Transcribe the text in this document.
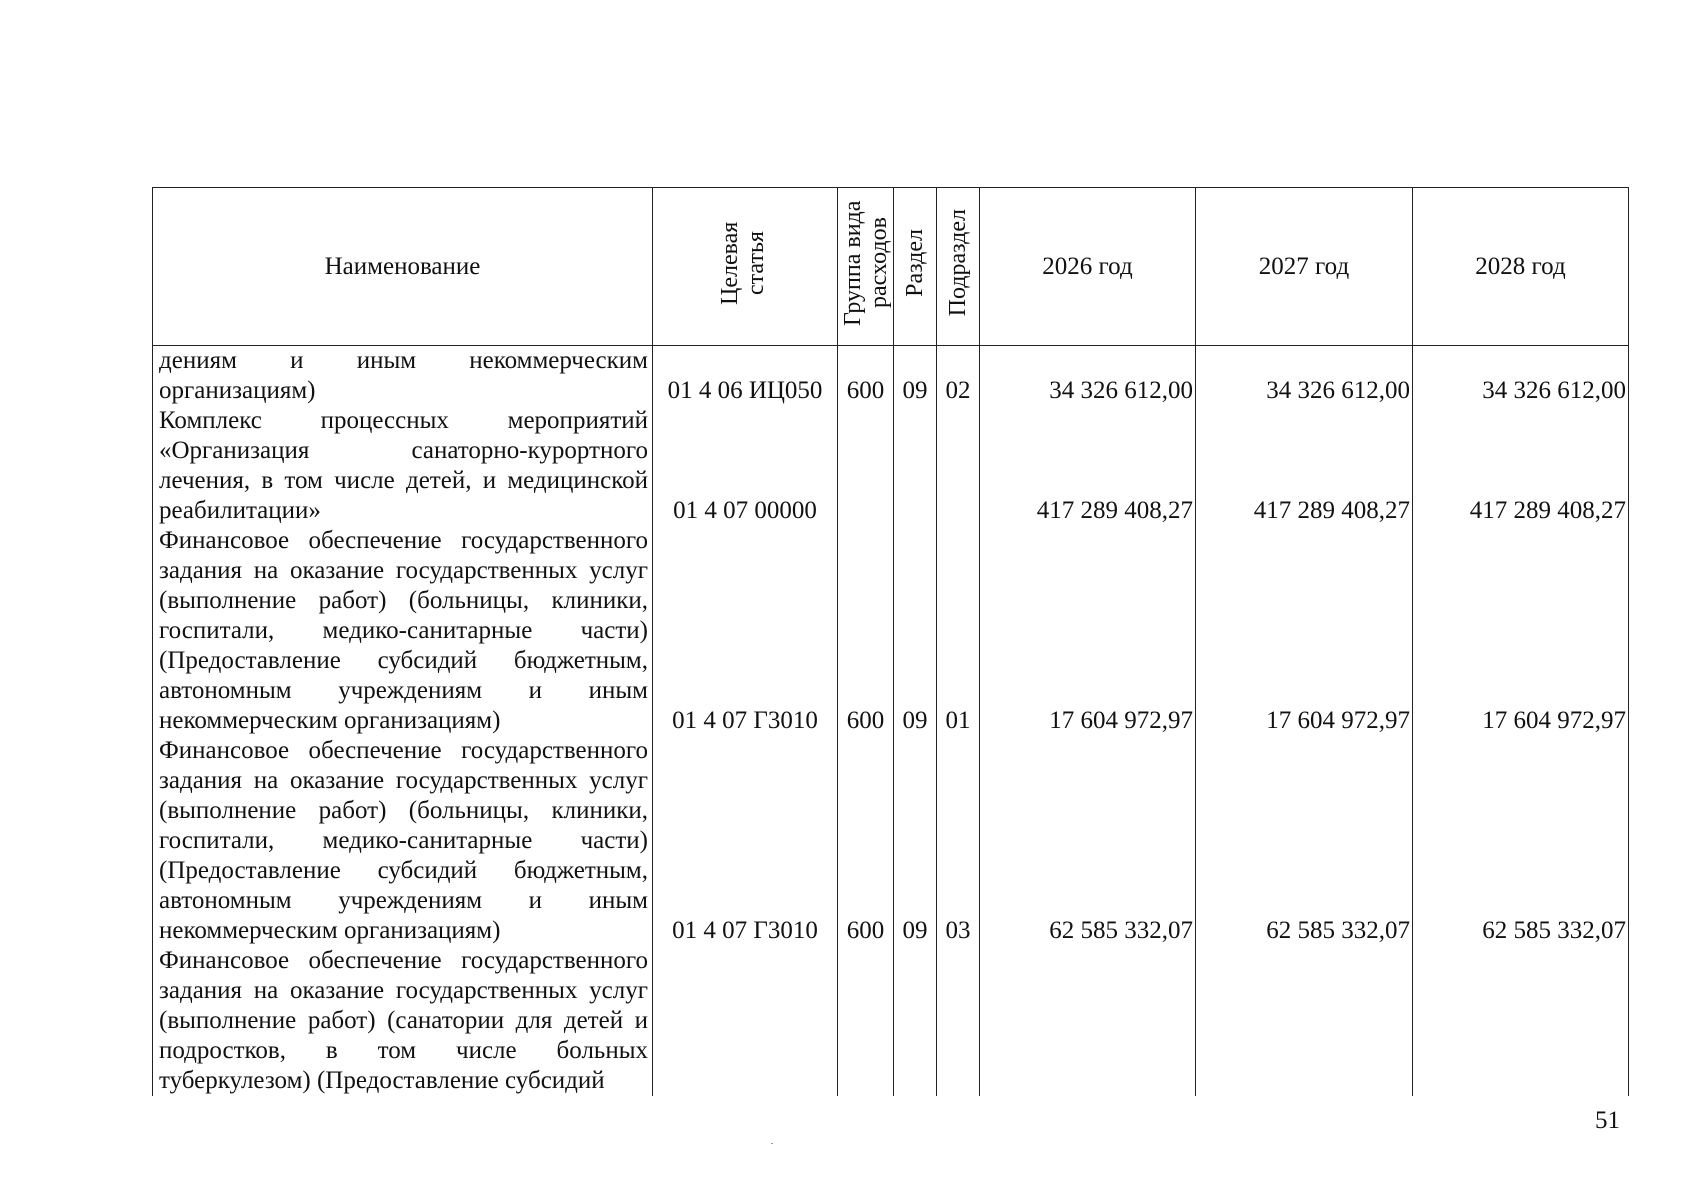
Наименование	Целевая статья	Группа вида расходов	Раздел	Подраздел	2026 год	2027 год	2028 год
дениям и иным некоммерческим организациям)	01 4 06 ИЦ050	600	09	02	34 326 612,00	34 326 612,00	34 326 612,00
Комплекс процессных мероприятий «Организация санаторно-курортного лечения, в том числе детей, и медицинской реабилитации»	01 4 07 00000				417 289 408,27	417 289 408,27	417 289 408,27
Финансовое обеспечение государственного задания на оказание государственных услуг (выполнение работ) (больницы, клиники, госпитали, медико-санитарные части) (Предоставление субсидий бюджетным, автономным учреждениям и иным некоммерческим организациям)	01 4 07 Г3010	600	09	01	17 604 972,97	17 604 972,97	17 604 972,97
Финансовое обеспечение государственного задания на оказание государственных услуг (выполнение работ) (больницы, клиники, госпитали, медико-санитарные части) (Предоставление субсидий бюджетным, автономным учреждениям и иным некоммерческим организациям)	01 4 07 Г3010	600	09	03	62 585 332,07	62 585 332,07	62 585 332,07
Финансовое обеспечение государственного задания на оказание государственных услуг (выполнение работ) (санатории для детей и подростков, в том числе больных туберкулезом) (Предоставление субсидий							
51
